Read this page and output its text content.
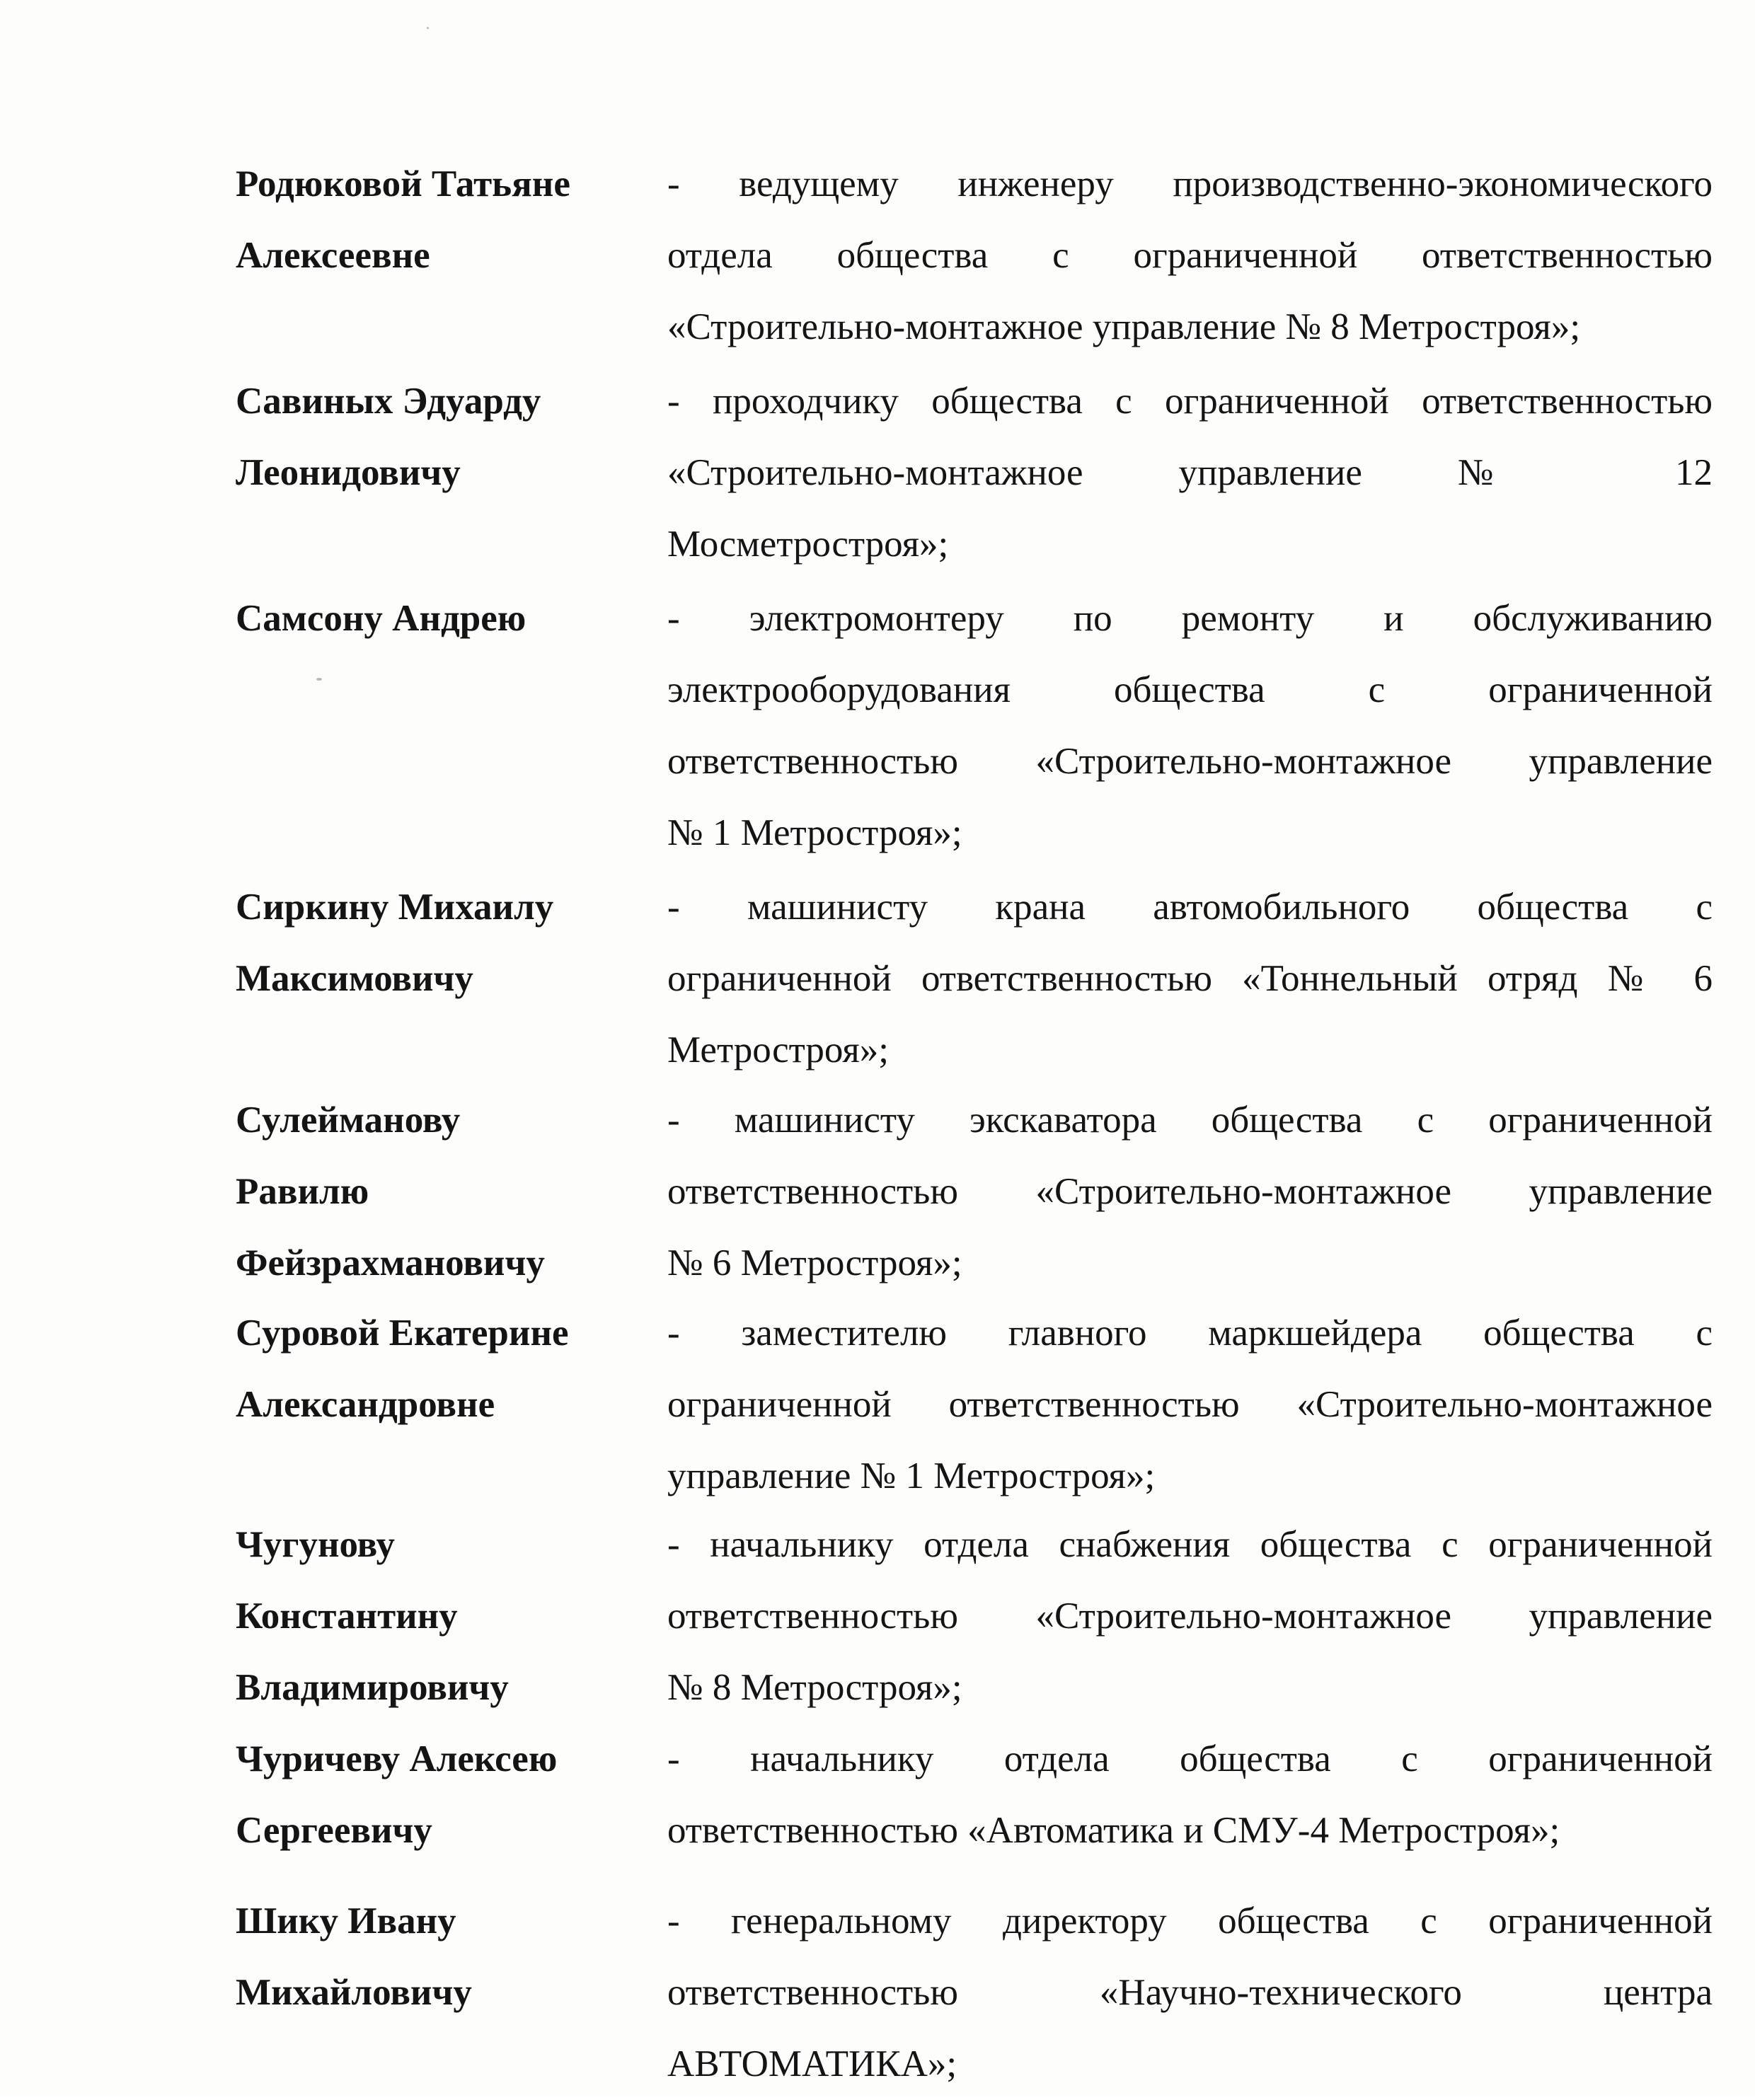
Родюковой Татьяне
Алексеевне
- ведущему инженеру производственно-экономического
отдела общества с ограниченной ответственностью
«Строительно-монтажное управление № 8 Метростроя»;
Савиных Эдуарду
Леонидовичу
- проходчику общества с ограниченной ответственностью
«Строительно-монтажное управление № 12
Мосметростроя»;
Самсону Андрею	- электромонтеру по ремонту и обслуживанию
электрооборудования общества с ограниченной
ответственностью «Строительно-монтажное управление
№ 1 Метростроя»;
Сиркину Михаилу
Максимовичу
- машинисту крана автомобильного общества с
ограниченной ответственностью «Тоннельный отряд № 6
Метростроя»;
Сулейманову
Равилю
Фейзрахмановичу
- машинисту экскаватора общества с ограниченной
ответственностью «Строительно-монтажное управление
№ 6 Метростроя»;
Суровой Екатерине
Александровне
- заместителю главного маркшейдера общества с
ограниченной ответственностью «Строительно-монтажное
управление № 1 Метростроя»;
Чугунову
Константину
Владимировичу
- начальнику отдела снабжения общества с ограниченной
ответственностью «Строительно-монтажное управление
№ 8 Метростроя»;
Чуричеву Алексею
Сергеевичу
- начальнику отдела общества с ограниченной
ответственностью «Автоматика и СМУ-4 Метростроя»;
Шику Ивану
Михайловичу
- генеральному директору общества с ограниченной
ответственностью «Научно-технического центра
АВТОМАТИКА»;
